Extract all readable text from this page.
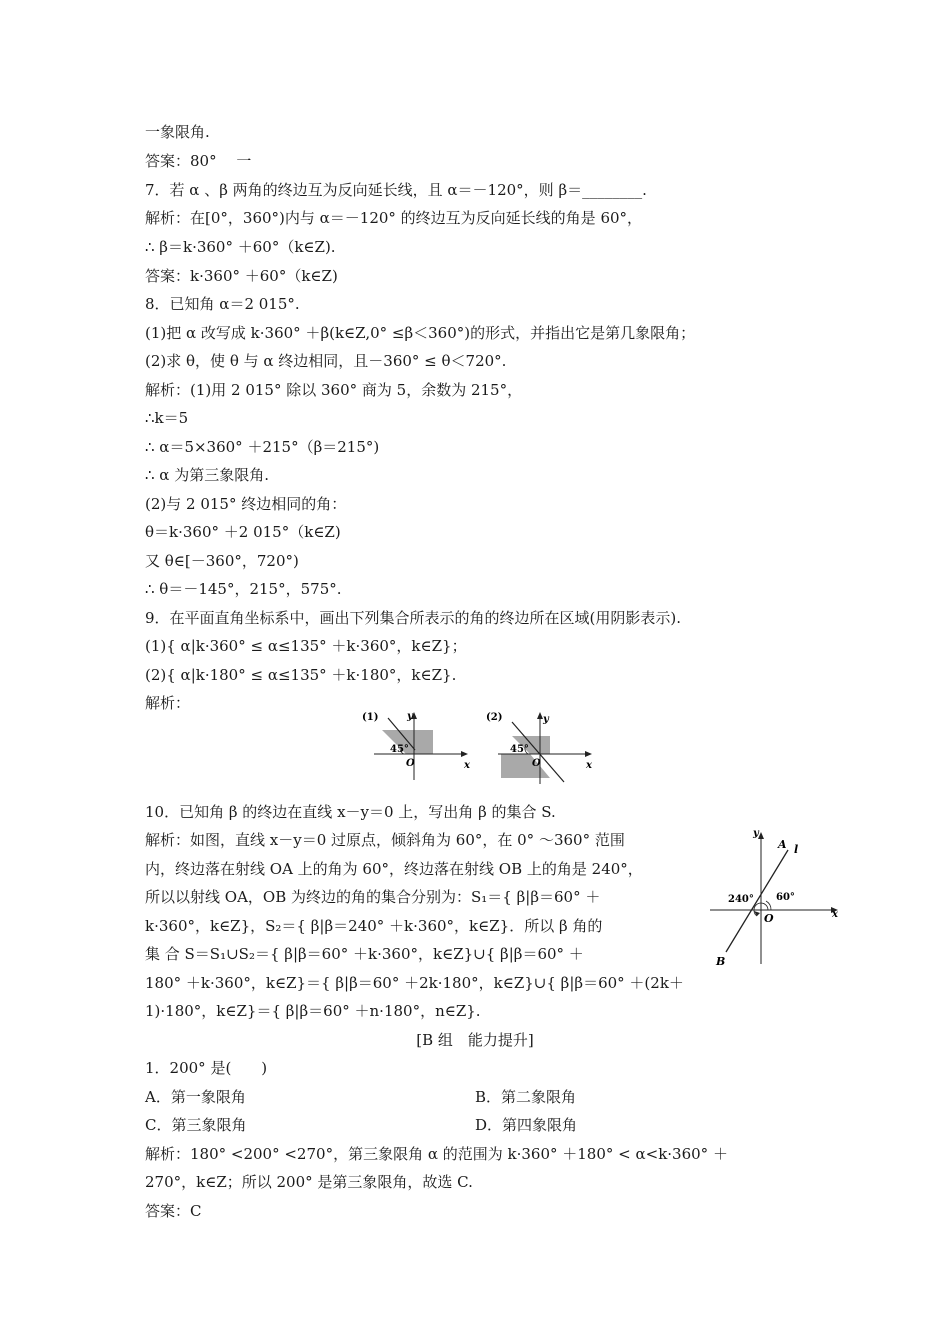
一象限角.
答案：80°　 一
7．若 α 、β 两角的终边互为反向延长线，且 α＝－120°，则 β＝________.
解析：在[0°，360°)内与 α＝－120° 的终边互为反向延长线的角是 60°，
∴ β＝k·360° ＋60°（k∈Z).
答案：k·360° ＋60°（k∈Z)
8．已知角 α＝2 015°.
(1)把 α 改写成 k·360° ＋β(k∈Z,0° ≤β＜360°)的形式，并指出它是第几象限角；
(2)求 θ，使 θ 与 α 终边相同，且－360° ≤ θ＜720°.
解析：(1)用 2 015° 除以 360° 商为 5，余数为 215°，
∴k＝5
∴ α＝5×360° ＋215°（β＝215°)
∴ α 为第三象限角.
(2)与 2 015° 终边相同的角：
θ＝k·360° ＋2 015°（k∈Z)
又 θ∈[－360°，720°)
∴ θ＝－145°，215°，575°.
9．在平面直角坐标系中，画出下列集合所表示的角的终边所在区域(用阴影表示).
(1){ α|k·360° ≤ α≤135° ＋k·360°，k∈Z}；
(2){ α|k·180° ≤ α≤135° ＋k·180°，k∈Z}.
解析：
(1)	y
x
O
45°
(2)	y
x
O
45°
10．已知角 β 的终边在直线 x－y＝0 上，写出角 β 的集合 S.
解析：如图，直线 x－y＝0 过原点，倾斜角为 60°，在 0° ～360° 范围
内，终边落在射线 OA 上的角为 60°，终边落在射线 OB 上的角是 240°，
所以以射线 OA，OB 为终边的角的集合分别为：S₁＝{ β|β＝60° ＋
k·360°，k∈Z}，S₂＝{ β|β＝240° ＋k·360°，k∈Z}．所以 β 角的
集 合 S＝S₁∪S₂＝{ β|β＝60° ＋k·360°，k∈Z}∪{ β|β＝60° ＋
180° ＋k·360°，k∈Z}＝{ β|β＝60° ＋2k·180°，k∈Z}∪{ β|β＝60° ＋(2k＋
1)·180°，k∈Z}＝{ β|β＝60° ＋n·180°，n∈Z}.
y
x
O
A
B
l
240° 60°
[B 组　能力提升]
1．200° 是(　　)
A．第一象限角	B．第二象限角
C．第三象限角	D．第四象限角
解析：180° <200° <270°，第三象限角 α 的范围为 k·360° ＋180° < α<k·360° ＋
270°，k∈Z；所以 200° 是第三象限角，故选 C.
答案：C
